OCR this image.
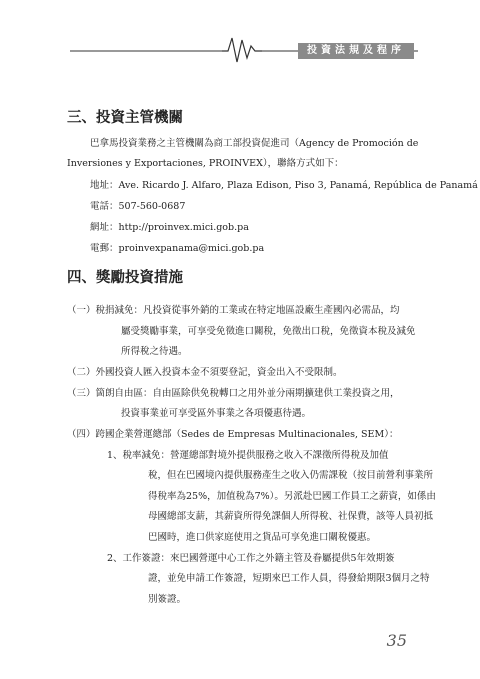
投資法規及程序
三、投資主管機關
巴拿馬投資業務之主管機關為商工部投資促進司（Agency de Promoción de
Inversiones y Exportaciones, PROINVEX），聯絡方式如下：
地址：Ave. Ricardo J. Alfaro, Plaza Edison, Piso 3, Panamá, República de Panamá
電話：507-560-0687
網址：http://proinvex.mici.gob.pa
電郵：proinvexpanama@mici.gob.pa
四、獎勵投資措施
（一）稅捐減免：凡投資從事外銷的工業或在特定地區設廠生產國內必需品，均
屬受獎勵事業，可享受免徵進口關稅，免徵出口稅，免徵資本稅及減免
所得稅之待遇。
（二）外國投資人匯入投資本金不須要登記，資金出入不受限制。
（三）箇朗自由區：自由區除供免稅轉口之用外並分兩期擴建供工業投資之用，
投資事業並可享受區外事業之各項優惠待遇。
（四）跨國企業營運總部（Sedes de Empresas Multinacionales, SEM）：
1、稅率減免：營運總部對境外提供服務之收入不課徵所得稅及加值
稅，但在巴國境內提供服務產生之收入仍需課稅（按目前營利事業所
得稅率為25%，加值稅為7%）。另派赴巴國工作員工之薪資，如係由
母國總部支薪，其薪資所得免課個人所得稅、社保費，該等人員初抵
巴國時，進口供家庭使用之貨品可享免進口關稅優惠。
2、工作簽證：來巴國營運中心工作之外籍主管及眷屬提供5年效期簽
證，並免申請工作簽證，短期來巴工作人員，得發給期限3個月之特
別簽證。
35
